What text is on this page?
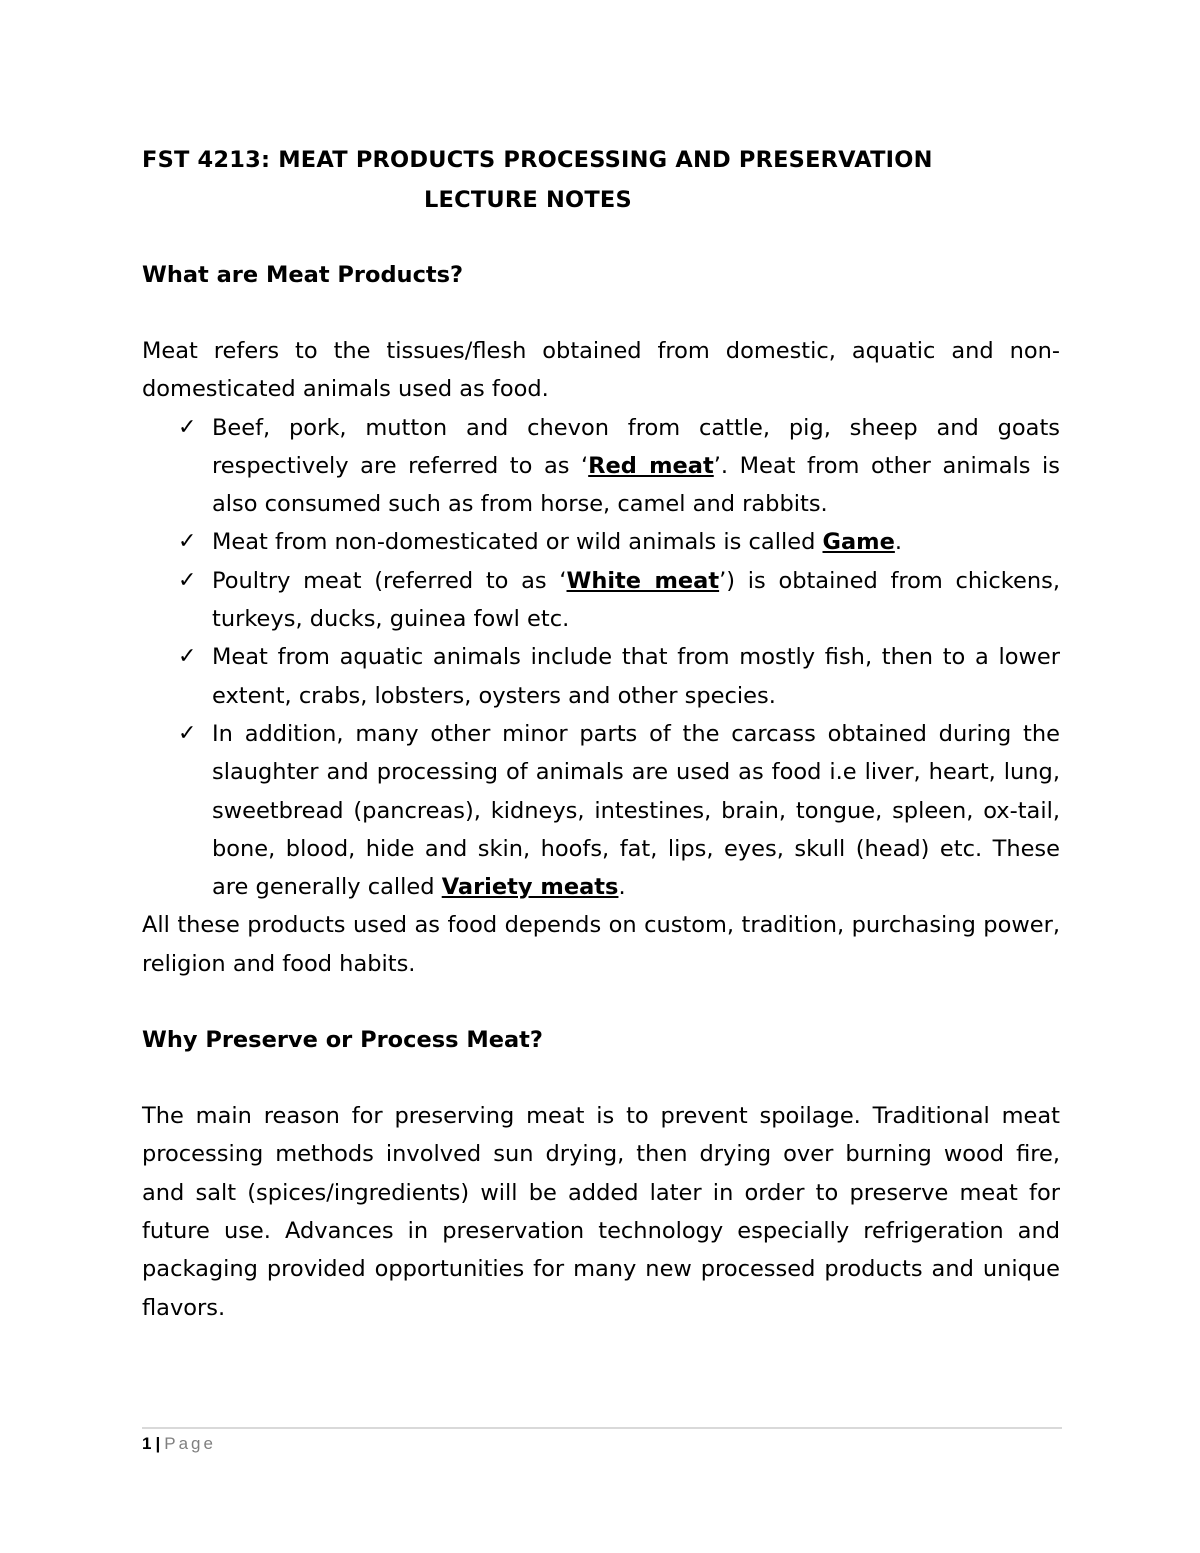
FST 4213: MEAT PRODUCTS PROCESSING AND PRESERVATION

LECTURE NOTES

What are Meat Products?

Meat refers to the tissues/flesh obtained from domestic, aquatic and non-domesticated animals used as food.

✓ Beef, pork, mutton and chevon from cattle, pig, sheep and goats respectively are referred to as ‘Red meat’. Meat from other animals is also consumed such as from horse, camel and rabbits.
✓ Meat from non-domesticated or wild animals is called Game.
✓ Poultry meat (referred to as ‘White meat’) is obtained from chickens, turkeys, ducks, guinea fowl etc.
✓ Meat from aquatic animals include that from mostly fish, then to a lower extent, crabs, lobsters, oysters and other species.
✓ In addition, many other minor parts of the carcass obtained during the slaughter and processing of animals are used as food i.e liver, heart, lung, sweetbread (pancreas), kidneys, intestines, brain, tongue, spleen, ox-tail, bone, blood, hide and skin, hoofs, fat, lips, eyes, skull (head) etc. These are generally called Variety meats.

All these products used as food depends on custom, tradition, purchasing power, religion and food habits.

Why Preserve or Process Meat?

The main reason for preserving meat is to prevent spoilage. Traditional meat processing methods involved sun drying, then drying over burning wood fire, and salt (spices/ingredients) will be added later in order to preserve meat for future use. Advances in preservation technology especially refrigeration and packaging provided opportunities for many new processed products and unique flavors.

1 | Page
